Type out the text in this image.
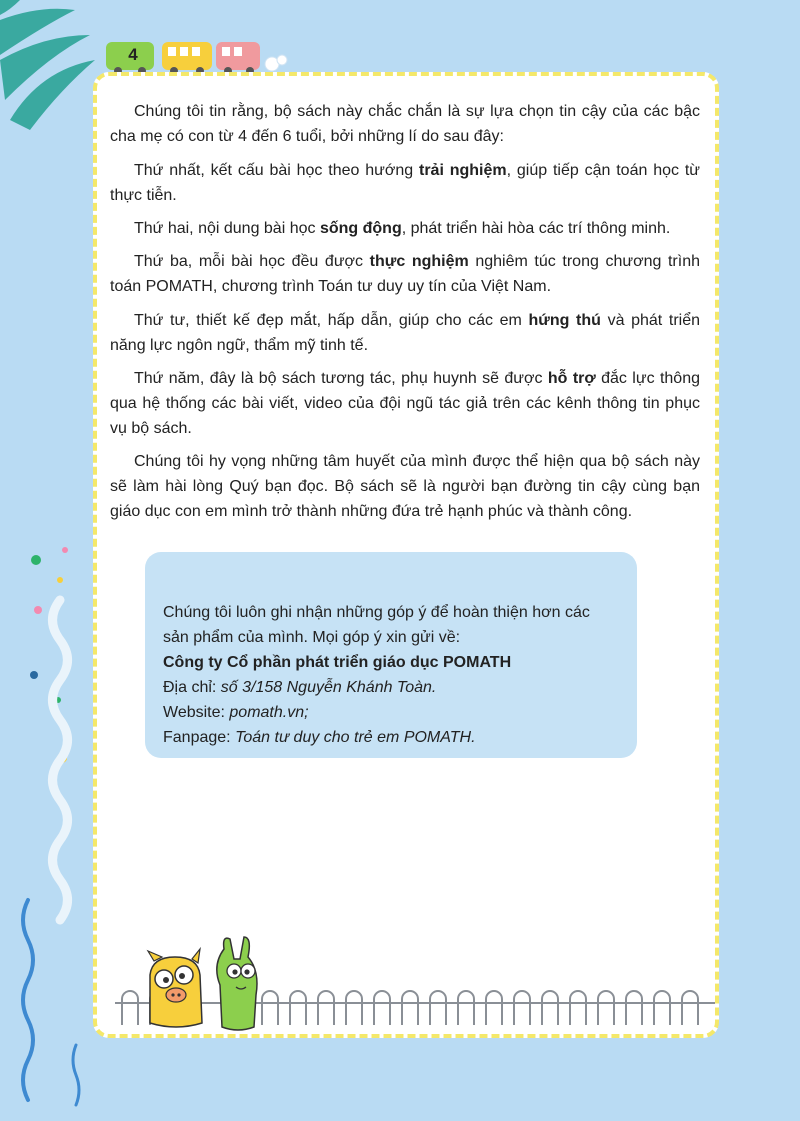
4

Chúng tôi tin rằng, bộ sách này chắc chắn là sự lựa chọn tin cậy của các bậc cha mẹ có con từ 4 đến 6 tuổi, bởi những lí do sau đây:

Thứ nhất, kết cấu bài học theo hướng trải nghiệm, giúp tiếp cận toán học từ thực tiễn.

Thứ hai, nội dung bài học sống động, phát triển hài hòa các trí thông minh.

Thứ ba, mỗi bài học đều được thực nghiệm nghiêm túc trong chương trình toán POMATH, chương trình Toán tư duy uy tín của Việt Nam.

Thứ tư, thiết kế đẹp mắt, hấp dẫn, giúp cho các em hứng thú và phát triển năng lực ngôn ngữ, thẩm mỹ tinh tế.

Thứ năm, đây là bộ sách tương tác, phụ huynh sẽ được hỗ trợ đắc lực thông qua hệ thống các bài viết, video của đội ngũ tác giả trên các kênh thông tin phục vụ bộ sách.

Chúng tôi hy vọng những tâm huyết của mình được thể hiện qua bộ sách này sẽ làm hài lòng Quý bạn đọc. Bộ sách sẽ là người bạn đường tin cậy cùng bạn giáo dục con em mình trở thành những đứa trẻ hạnh phúc và thành công.

Chúng tôi luôn ghi nhận những góp ý để hoàn thiện hơn các
sản phẩm của mình. Mọi góp ý xin gửi về:
Công ty Cổ phần phát triển giáo dục POMATH
Địa chỉ: số 3/158 Nguyễn Khánh Toàn.
Website: pomath.vn;
Fanpage: Toán tư duy cho trẻ em POMATH.
